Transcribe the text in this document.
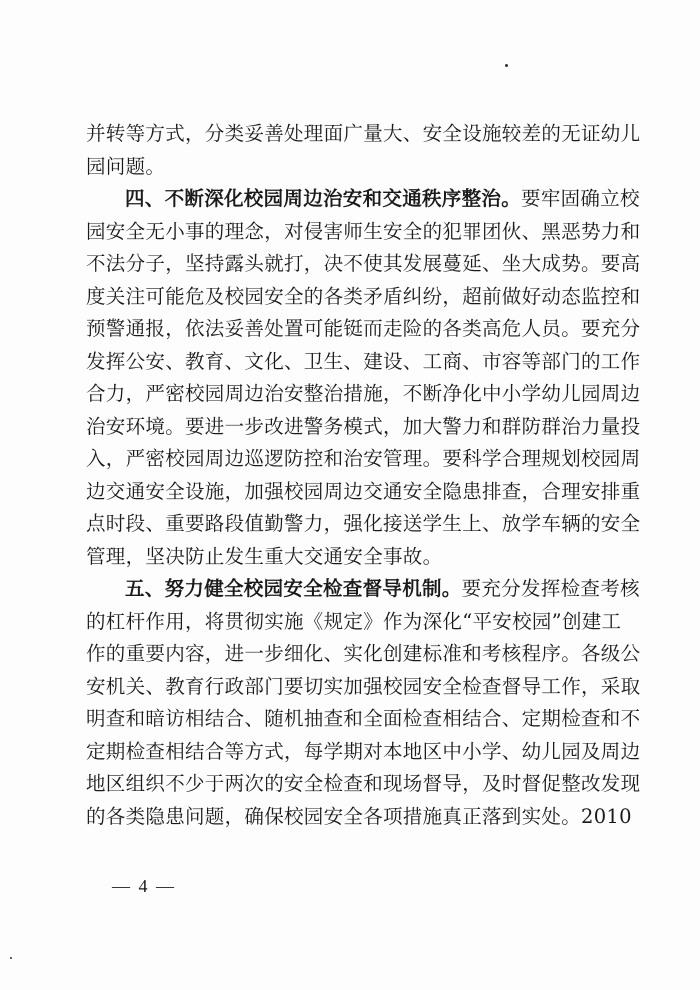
并转等方式，分类妥善处理面广量大、安全设施较差的无证幼儿
园问题。
四、不断深化校园周边治安和交通秩序整治。要牢固确立校
园安全无小事的理念，对侵害师生安全的犯罪团伙、黑恶势力和
不法分子，坚持露头就打，决不使其发展蔓延、坐大成势。要高
度关注可能危及校园安全的各类矛盾纠纷，超前做好动态监控和
预警通报，依法妥善处置可能铤而走险的各类高危人员。要充分
发挥公安、教育、文化、卫生、建设、工商、市容等部门的工作
合力，严密校园周边治安整治措施，不断净化中小学幼儿园周边
治安环境。要进一步改进警务模式，加大警力和群防群治力量投
入，严密校园周边巡逻防控和治安管理。要科学合理规划校园周
边交通安全设施，加强校园周边交通安全隐患排查，合理安排重
点时段、重要路段值勤警力，强化接送学生上、放学车辆的安全
管理，坚决防止发生重大交通安全事故。
五、努力健全校园安全检查督导机制。要充分发挥检查考核
的杠杆作用，将贯彻实施《规定》作为深化“平安校园”创建工
作的重要内容，进一步细化、实化创建标准和考核程序。各级公
安机关、教育行政部门要切实加强校园安全检查督导工作，采取
明查和暗访相结合、随机抽查和全面检查相结合、定期检查和不
定期检查相结合等方式，每学期对本地区中小学、幼儿园及周边
地区组织不少于两次的安全检查和现场督导，及时督促整改发现
的各类隐患问题，确保校园安全各项措施真正落到实处。2010
— 4 —
